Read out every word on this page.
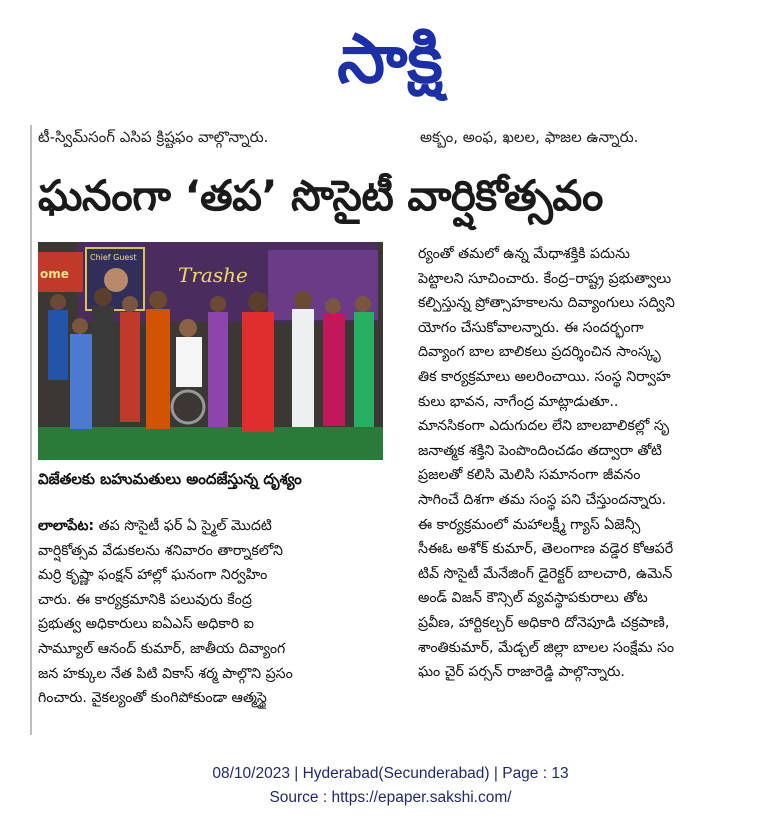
సాక్షి
టీ-స్విమ్‌సంగ్ ఎసిప క్రిష్టఫం వాల్గొన్నారు.	అక్బం, అంఫ, ఖలల, ఫాజల ఉన్నారు.
ఘనంగా ‘తప’ సొసైటీ వార్షికోత్సవం
ome
Chief Guest
Trashe
విజేతలకు బహుమతులు అందజేస్తున్న దృశ్యం
లాలాపేట: తప సొసైటీ ఫర్ ఏ స్మైల్ మొదటి
వార్షికోత్సవ వేడుకలను శనివారం తార్నాకలోని
మర్రి కృష్ణా ఫంక్షన్ హాల్లో ఘనంగా నిర్వహిం
చారు. ఈ కార్యక్రమానికి పలువురు కేంద్ర
ప్రభుత్వ అధికారులు ఐఏఎస్ అధికారి ఐ
సామ్యూల్ ఆనంద్ కుమార్, జాతీయ దివ్యాంగ
జన హక్కుల నేత పిటి వికాస్ శర్మ పాల్గొని ప్రసం
గించారు. వైకల్యంతో కుంగిపోకుండా ఆత్మస్థై
ర్యంతో తమలో ఉన్న మేధాశక్తికి పదును
పెట్టాలని సూచించారు. కేంద్ర–రాష్ట్ర ప్రభుత్వాలు
కల్పిస్తున్న ప్రోత్సాహకాలను దివ్యాంగులు సద్విని
యోగం చేసుకోవాలన్నారు. ఈ సందర్భంగా
దివ్యాంగ బాల బాలికలు ప్రదర్శించిన సాంస్కృ
తిక కార్యక్రమాలు అలరించాయి. సంస్థ నిర్వాహ
కులు భావన, నాగేంద్ర మాట్లాడుతూ..
మానసికంగా ఎదుగుదల లేని బాలబాలికల్లో సృ
జనాత్మక శక్తిని పెంపొందించడం తద్వారా తోటి
ప్రజలతో కలిసి మెలిసి సమానంగా జీవనం
సాగించే దిశగా తమ సంస్థ పని చేస్తుందన్నారు.
ఈ కార్యక్రమంలో మహాలక్ష్మీ గ్యాస్ ఏజెన్సీ
సీఈఓ అశోక్ కుమార్, తెలంగాణ వడ్డెర కోఆపరే
టివ్ సొసైటీ మేనేజింగ్ డైరెక్టర్ బాలచారి, ఉమెన్
అండ్ విజన్ కౌన్సిల్ వ్యవస్థాపకురాలు తోట
ప్రవీణ, హార్టికల్చర్ అధికారి దోనెపూడి చక్రపాణి,
శాంతికుమార్, మేడ్చల్ జిల్లా బాలల సంక్షేమ సం
ఘం చైర్ పర్సన్ రాజారెడ్డి పాల్గొన్నారు.
08/10/2023 | Hyderabad(Secunderabad) | Page : 13
Source : https://epaper.sakshi.com/
